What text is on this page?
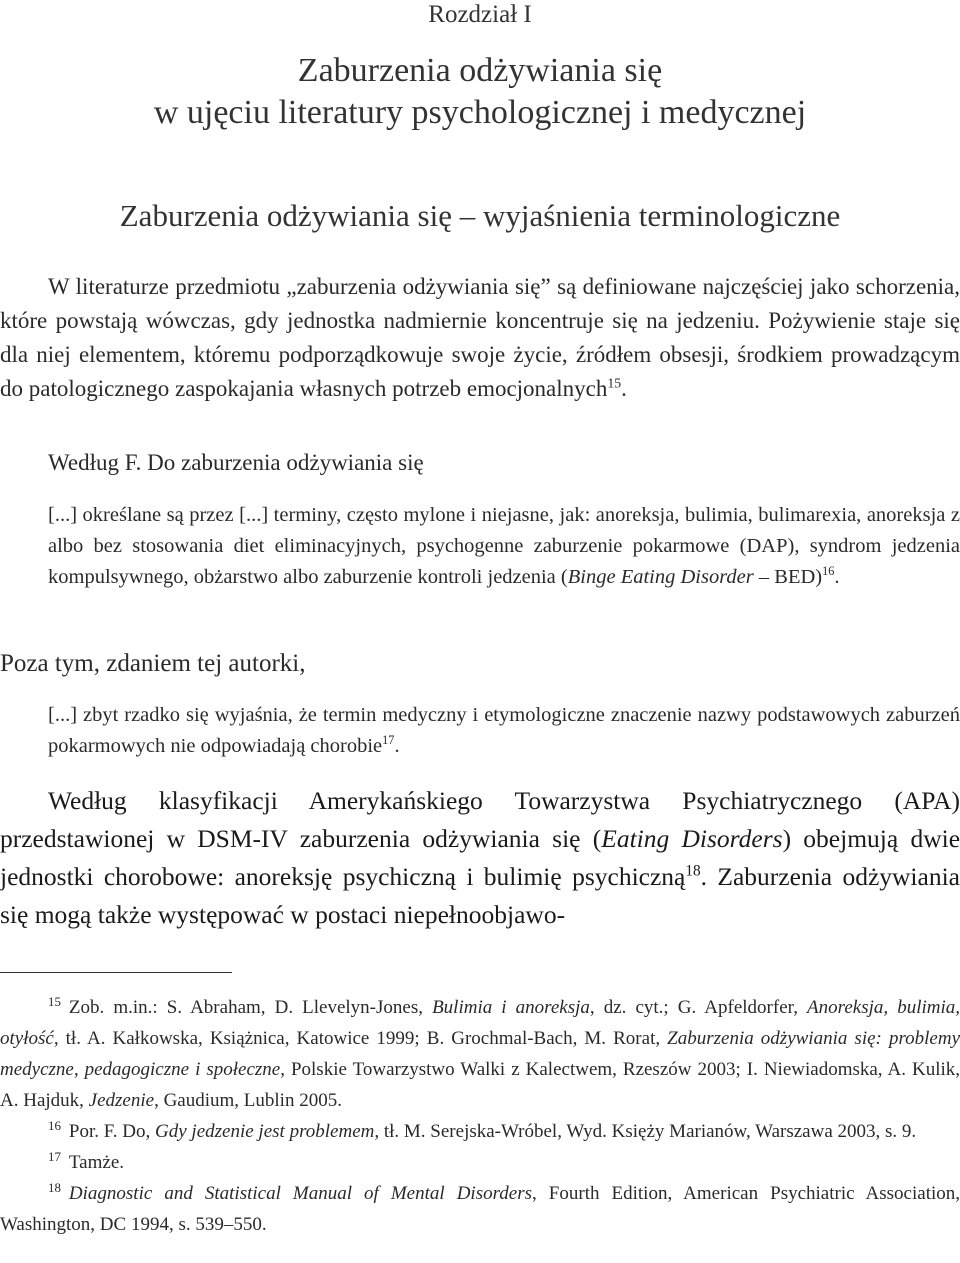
Rozdział I
Zaburzenia odżywiania się
w ujęciu literatury psychologicznej i medycznej
Zaburzenia odżywiania się – wyjaśnienia terminologiczne

W literaturze przedmiotu „zaburzenia odżywiania się” są definiowane najczęściej jako schorzenia, które powstają wówczas, gdy jednostka nadmiernie koncentruje się na jedzeniu. Pożywienie staje się dla niej elementem, któremu podporządkowuje swoje życie, źródłem obsesji, środkiem prowadzącym do patologicznego zaspokajania własnych potrzeb emocjonalnych$^{15}$.

Według F. Do zaburzenia odżywiania się

[...] określane są przez [...] terminy, często mylone i niejasne, jak: anoreksja, bulimia, bulimarexia, anoreksja z albo bez stosowania diet eliminacyjnych, psychogenne zaburzenie pokarmowe (DAP), syndrom jedzenia kompulsywnego, obżarstwo albo zaburzenie kontroli jedzenia (Binge Eating Disorder – BED)$^{16}$.

Poza tym, zdaniem tej autorki,

[...] zbyt rzadko się wyjaśnia, że termin medyczny i etymologiczne znaczenie nazwy podstawowych zaburzeń pokarmowych nie odpowiadają chorobie$^{17}$.

Według klasyfikacji Amerykańskiego Towarzystwa Psychiatrycznego (APA) przedstawionej w DSM-IV zaburzenia odżywiania się (Eating Disorders) obejmują dwie jednostki chorobowe: anoreksję psychiczną i bulimię psychiczną$^{18}$. Zaburzenia odżywiania się mogą także występować w postaci niepełnoobjawo-

15 Zob. m.in.: S. Abraham, D. Llevelyn-Jones, Bulimia i anoreksja, dz. cyt.; G. Apfeldorfer, Anoreksja, bulimia, otyłość, tł. A. Kałkowska, Książnica, Katowice 1999; B. Grochmal-Bach, M. Rorat, Zaburzenia odżywiania się: problemy medyczne, pedagogiczne i społeczne, Polskie Towarzystwo Walki z Kalectwem, Rzeszów 2003; I. Niewiadomska, A. Kulik, A. Hajduk, Jedzenie, Gaudium, Lublin 2005.

16 Por. F. Do, Gdy jedzenie jest problemem, tł. M. Serejska-Wróbel, Wyd. Księży Marianów, Warszawa 2003, s. 9.

17 Tamże.

18 Diagnostic and Statistical Manual of Mental Disorders, Fourth Edition, American Psychiatric Association, Washington, DC 1994, s. 539–550.
